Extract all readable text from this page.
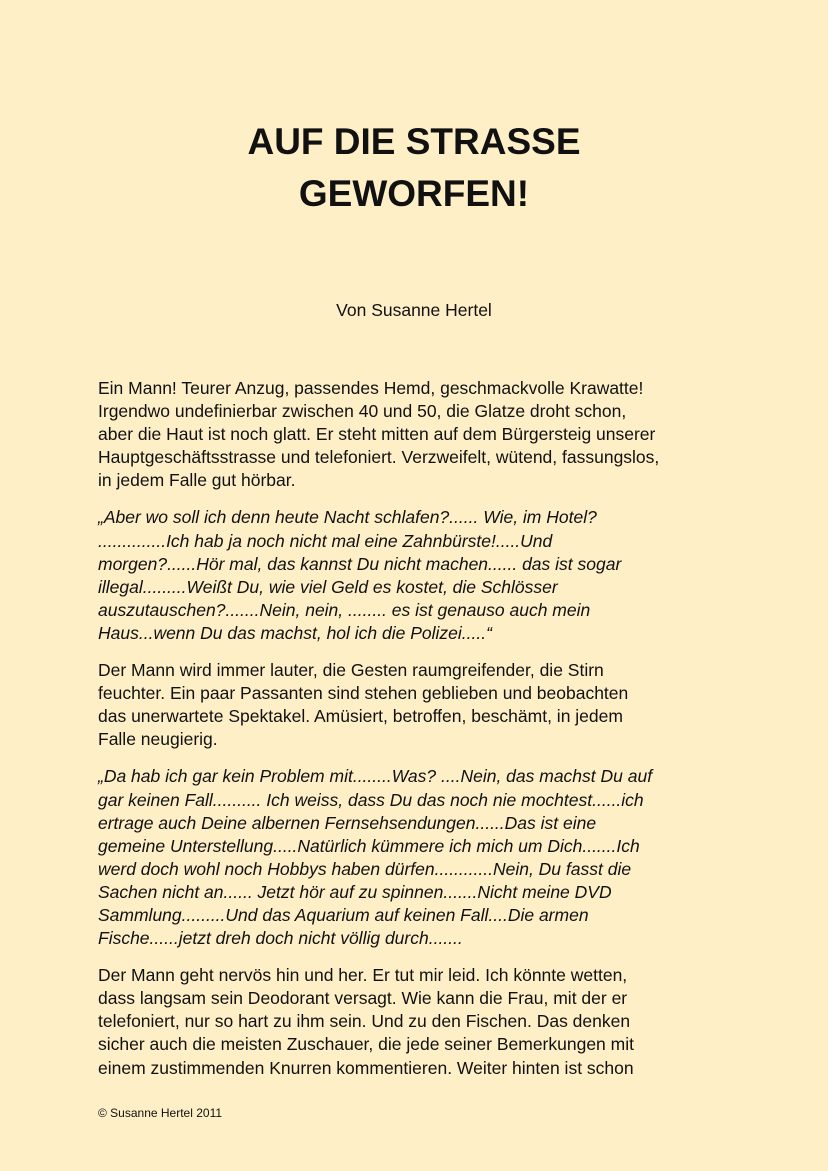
AUF DIE STRASSE
GEWORFEN!

Von Susanne Hertel

Ein Mann! Teurer Anzug, passendes Hemd, geschmackvolle Krawatte!
Irgendwo undefinierbar zwischen 40 und 50, die Glatze droht schon,
aber die Haut ist noch glatt. Er steht mitten auf dem Bürgersteig unserer
Hauptgeschäftsstrasse und telefoniert. Verzweifelt, wütend, fassungslos,
in jedem Falle gut hörbar.

„Aber wo soll ich denn heute Nacht schlafen?...... Wie, im Hotel?
..............Ich hab ja noch nicht mal eine Zahnbürste!.....Und
morgen?......Hör mal, das kannst Du nicht machen...... das ist sogar
illegal.........Weißt Du, wie viel Geld es kostet, die Schlösser
auszutauschen?.......Nein, nein, ........ es ist genauso auch mein
Haus...wenn Du das machst, hol ich die Polizei.....“

Der Mann wird immer lauter, die Gesten raumgreifender, die Stirn
feuchter. Ein paar Passanten sind stehen geblieben und beobachten
das unerwartete Spektakel. Amüsiert, betroffen, beschämt, in jedem
Falle neugierig.

„Da hab ich gar kein Problem mit........Was? ....Nein, das machst Du auf
gar keinen Fall.......... Ich weiss, dass Du das noch nie mochtest......ich
ertrage auch Deine albernen Fernsehsendungen......Das ist eine
gemeine Unterstellung.....Natürlich kümmere ich mich um Dich.......Ich
werd doch wohl noch Hobbys haben dürfen............Nein, Du fasst die
Sachen nicht an...... Jetzt hör auf zu spinnen.......Nicht meine DVD
Sammlung.........Und das Aquarium auf keinen Fall....Die armen
Fische......jetzt dreh doch nicht völlig durch.......

Der Mann geht nervös hin und her. Er tut mir leid. Ich könnte wetten,
dass langsam sein Deodorant versagt. Wie kann die Frau, mit der er
telefoniert, nur so hart zu ihm sein. Und zu den Fischen. Das denken
sicher auch die meisten Zuschauer, die jede seiner Bemerkungen mit
einem zustimmenden Knurren kommentieren. Weiter hinten ist schon

© Susanne Hertel 2011
